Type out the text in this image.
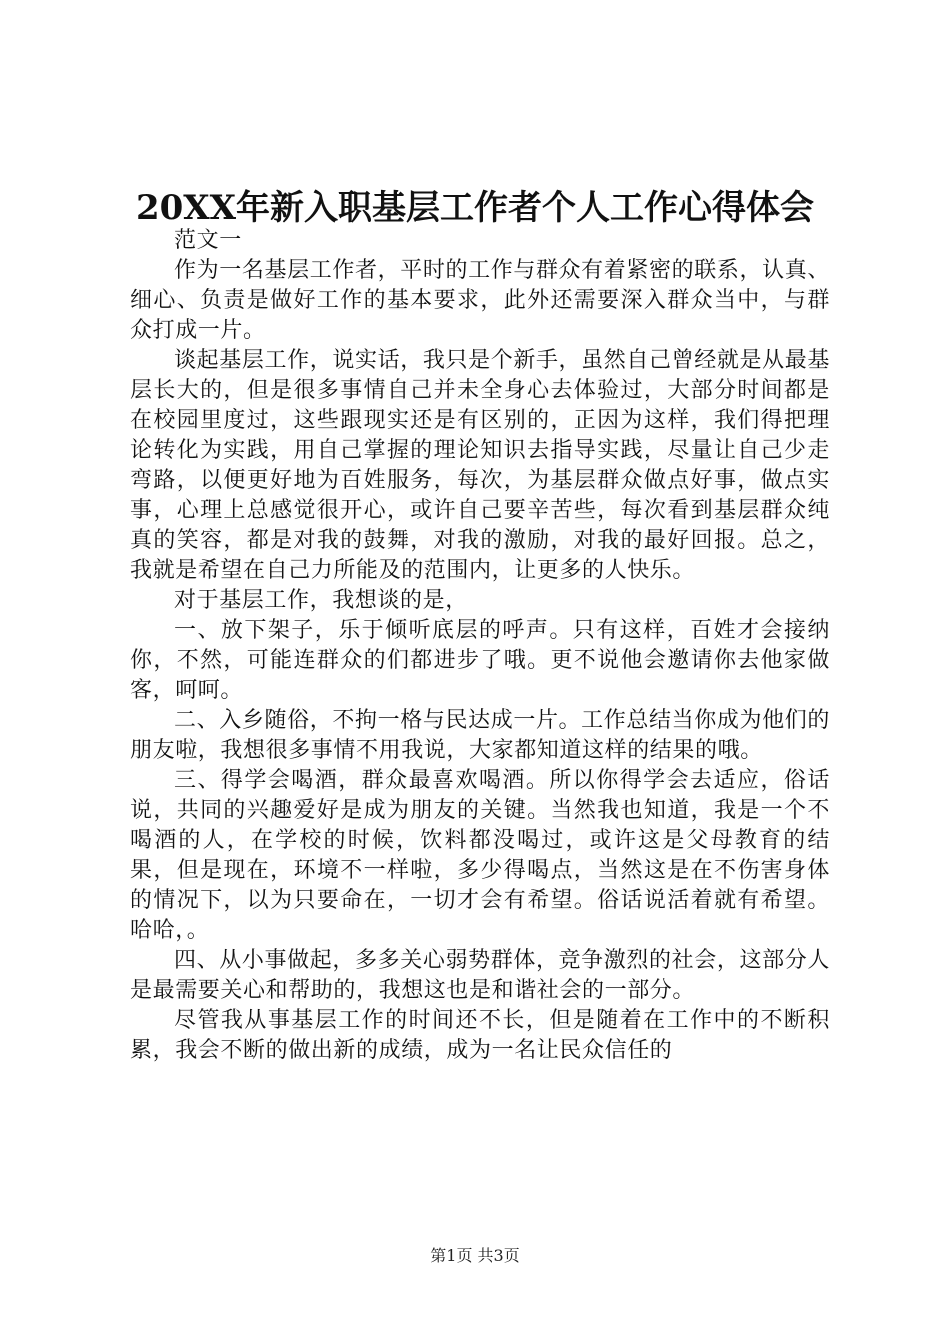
20XX年新入职基层工作者个人工作心得体会

范文一

作为一名基层工作者，平时的工作与群众有着紧密的联系，认真、细心、负责是做好工作的基本要求，此外还需要深入群众当中，与群众打成一片。

谈起基层工作，说实话，我只是个新手，虽然自己曾经就是从最基层长大的，但是很多事情自己并未全身心去体验过，大部分时间都是在校园里度过，这些跟现实还是有区别的，正因为这样，我们得把理论转化为实践，用自己掌握的理论知识去指导实践，尽量让自己少走弯路，以便更好地为百姓服务，每次，为基层群众做点好事，做点实事，心理上总感觉很开心，或许自己要辛苦些，每次看到基层群众纯真的笑容，都是对我的鼓舞，对我的激励，对我的最好回报。总之，我就是希望在自己力所能及的范围内，让更多的人快乐。

对于基层工作，我想谈的是，

一、放下架子，乐于倾听底层的呼声。只有这样，百姓才会接纳你，不然，可能连群众的们都进步了哦。更不说他会邀请你去他家做客，呵呵。

二、入乡随俗，不拘一格与民达成一片。工作总结当你成为他们的朋友啦，我想很多事情不用我说，大家都知道这样的结果的哦。

三、得学会喝酒，群众最喜欢喝酒。所以你得学会去适应，俗话说，共同的兴趣爱好是成为朋友的关键。当然我也知道，我是一个不喝酒的人，在学校的时候，饮料都没喝过，或许这是父母教育的结果，但是现在，环境不一样啦，多少得喝点，当然这是在不伤害身体的情况下，以为只要命在，一切才会有希望。俗话说活着就有希望。哈哈，。

四、从小事做起，多多关心弱势群体，竞争激烈的社会，这部分人是最需要关心和帮助的，我想这也是和谐社会的一部分。

尽管我从事基层工作的时间还不长，但是随着在工作中的不断积累，我会不断的做出新的成绩，成为一名让民众信任的

第1页 共3页
